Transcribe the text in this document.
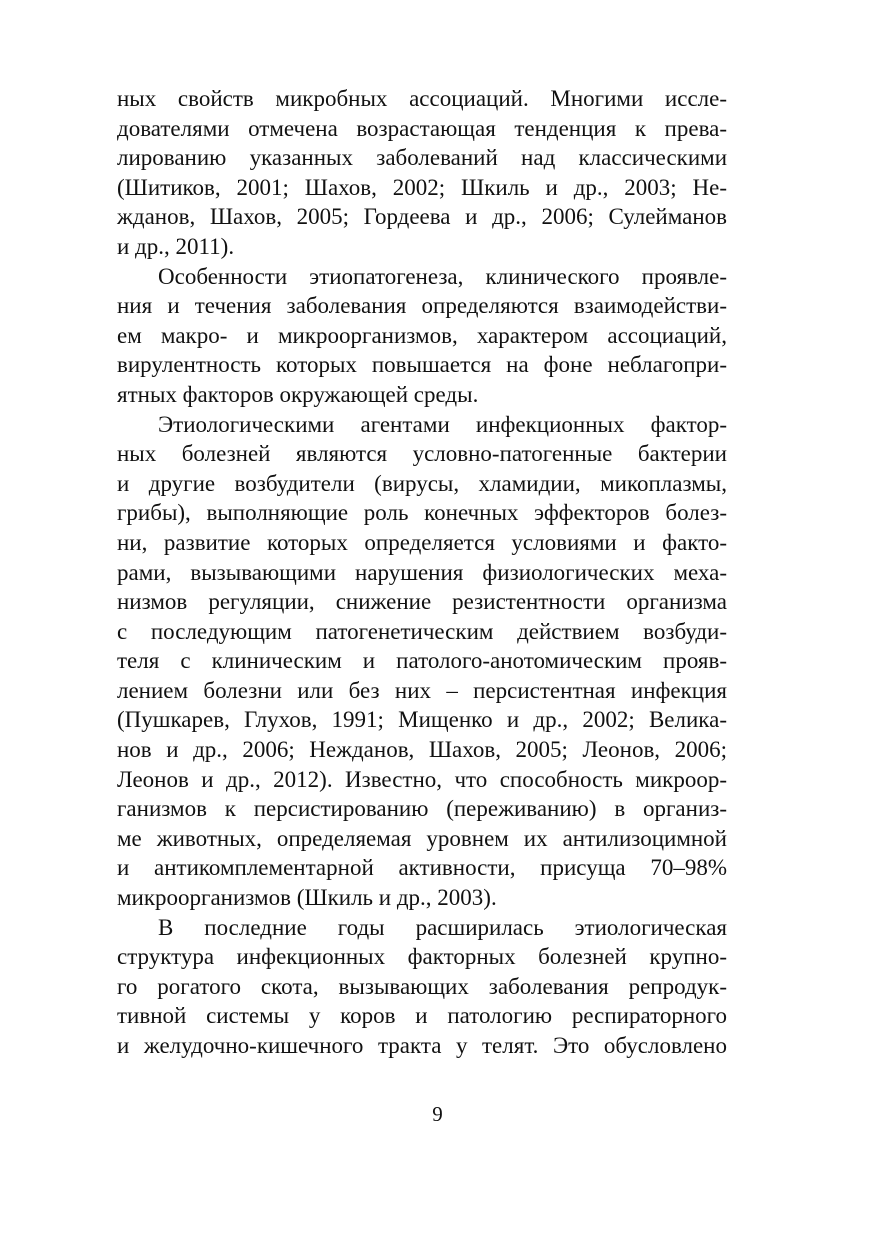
ных свойств микробных ассоциаций. Многими иссле-
дователями отмечена возрастающая тенденция к прева-
лированию указанных заболеваний над классическими
(Шитиков, 2001; Шахов, 2002; Шкиль и др., 2003; Не-
жданов, Шахов, 2005; Гордеева и др., 2006; Сулейманов
и др., 2011).
Особенности этиопатогенеза, клинического проявле-
ния и течения заболевания определяются взаимодействи-
ем макро- и микроорганизмов, характером ассоциаций,
вирулентность которых повышается на фоне неблагопри-
ятных факторов окружающей среды.
Этиологическими агентами инфекционных фактор-
ных болезней являются условно-патогенные бактерии
и другие возбудители (вирусы, хламидии, микоплазмы,
грибы), выполняющие роль конечных эффекторов болез-
ни, развитие которых определяется условиями и факто-
рами, вызывающими нарушения физиологических меха-
низмов регуляции, снижение резистентности организма
с последующим патогенетическим действием возбуди-
теля с клиническим и патолого-анотомическим прояв-
лением болезни или без них – персистентная инфекция
(Пушкарев, Глухов, 1991; Мищенко и др., 2002; Велика-
нов и др., 2006; Нежданов, Шахов, 2005; Леонов, 2006;
Леонов и др., 2012). Известно, что способность микроор-
ганизмов к персистированию (переживанию) в организ-
ме животных, определяемая уровнем их антилизоцимной
и антикомплементарной активности, присуща 70–98%
микроорганизмов (Шкиль и др., 2003).
В последние годы расширилась этиологическая
структура инфекционных факторных болезней крупно-
го рогатого скота, вызывающих заболевания репродук-
тивной системы у коров и патологию респираторного
и желудочно-кишечного тракта у телят. Это обусловлено
9
